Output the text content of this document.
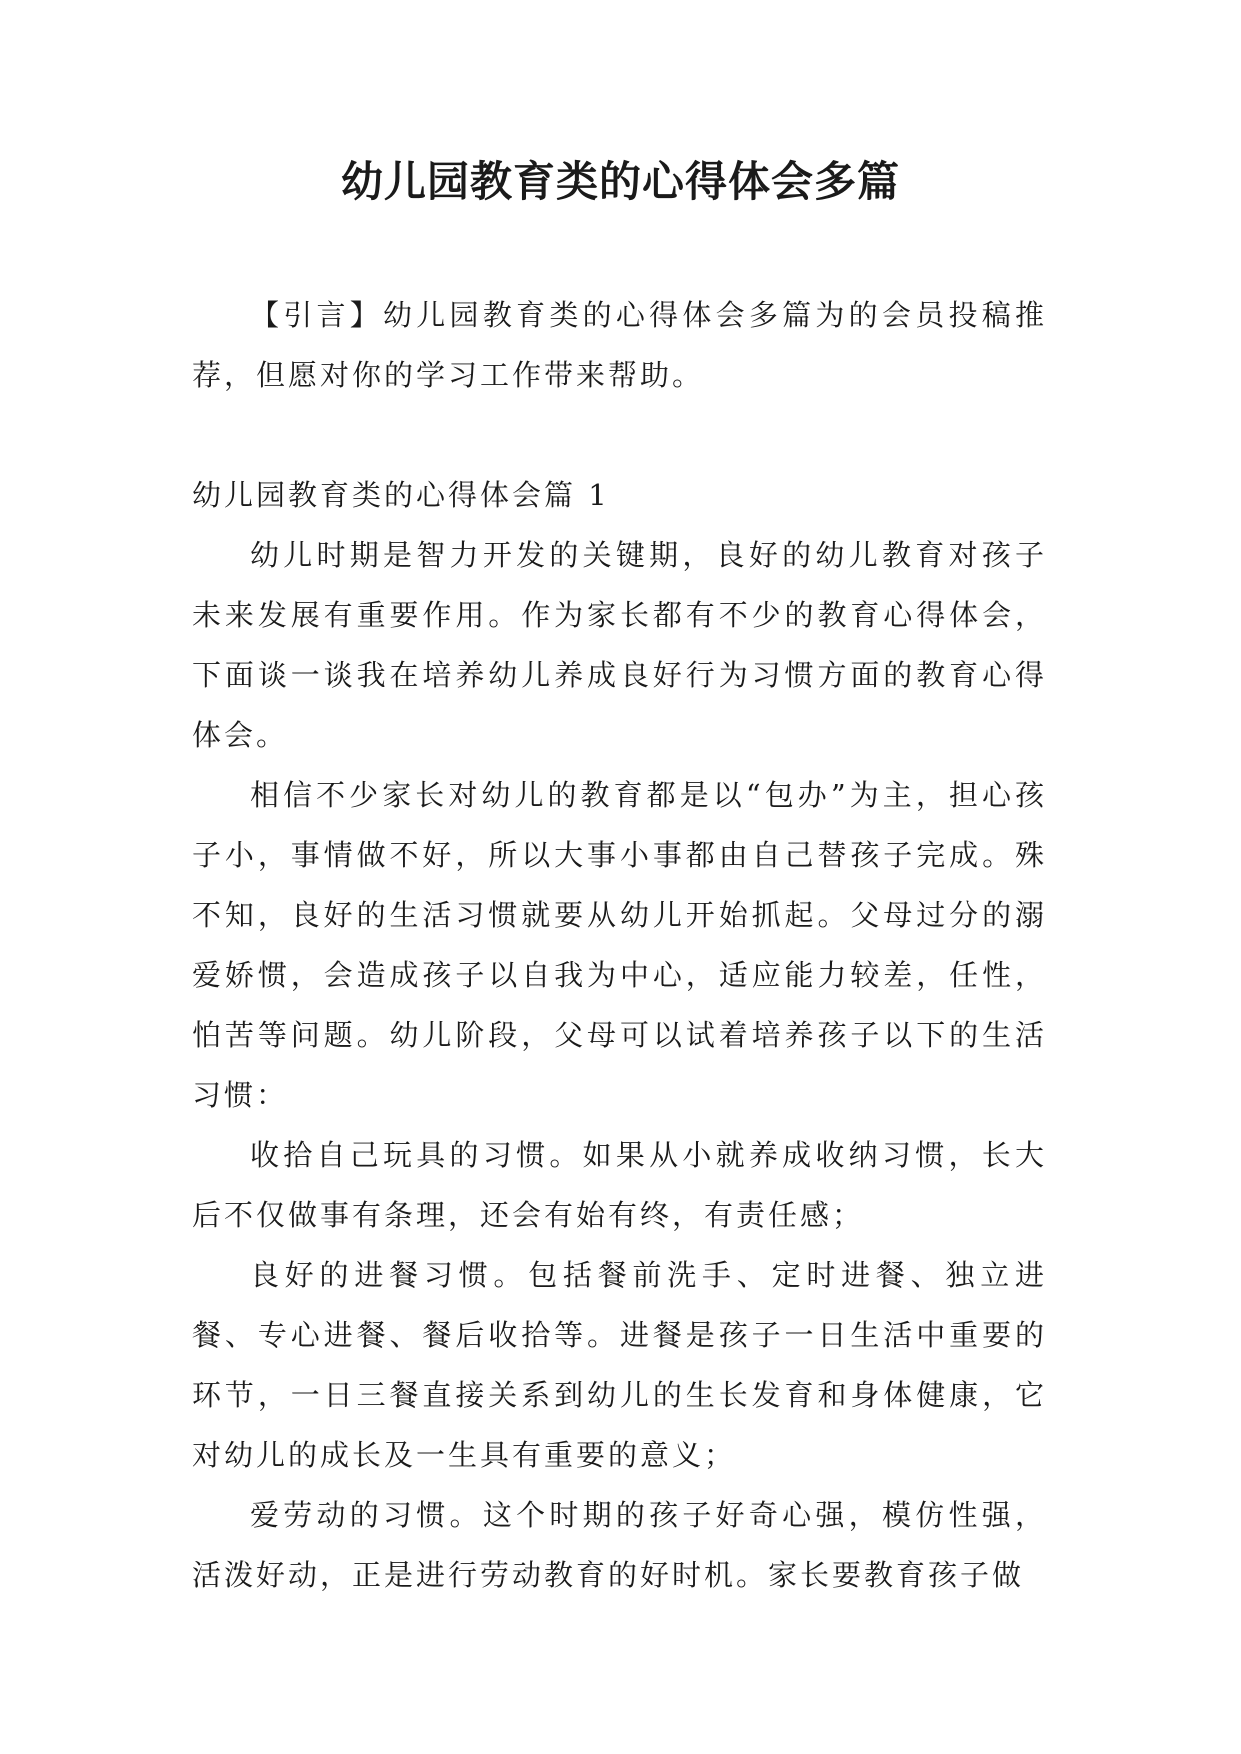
幼儿园教育类的心得体会多篇

【引言】幼儿园教育类的心得体会多篇为的会员投稿推荐，但愿对你的学习工作带来帮助。

幼儿园教育类的心得体会篇 1

幼儿时期是智力开发的关键期，良好的幼儿教育对孩子未来发展有重要作用。作为家长都有不少的教育心得体会，下面谈一谈我在培养幼儿养成良好行为习惯方面的教育心得体会。

相信不少家长对幼儿的教育都是以“包办”为主，担心孩子小，事情做不好，所以大事小事都由自己替孩子完成。殊不知，良好的生活习惯就要从幼儿开始抓起。父母过分的溺爱娇惯，会造成孩子以自我为中心，适应能力较差，任性，怕苦等问题。幼儿阶段，父母可以试着培养孩子以下的生活习惯：

收拾自己玩具的习惯。如果从小就养成收纳习惯，长大后不仅做事有条理，还会有始有终，有责任感；

良好的进餐习惯。包括餐前洗手、定时进餐、独立进餐、专心进餐、餐后收拾等。进餐是孩子一日生活中重要的环节，一日三餐直接关系到幼儿的生长发育和身体健康，它对幼儿的成长及一生具有重要的意义；

爱劳动的习惯。这个时期的孩子好奇心强，模仿性强，活泼好动，正是进行劳动教育的好时机。家长要教育孩子做
